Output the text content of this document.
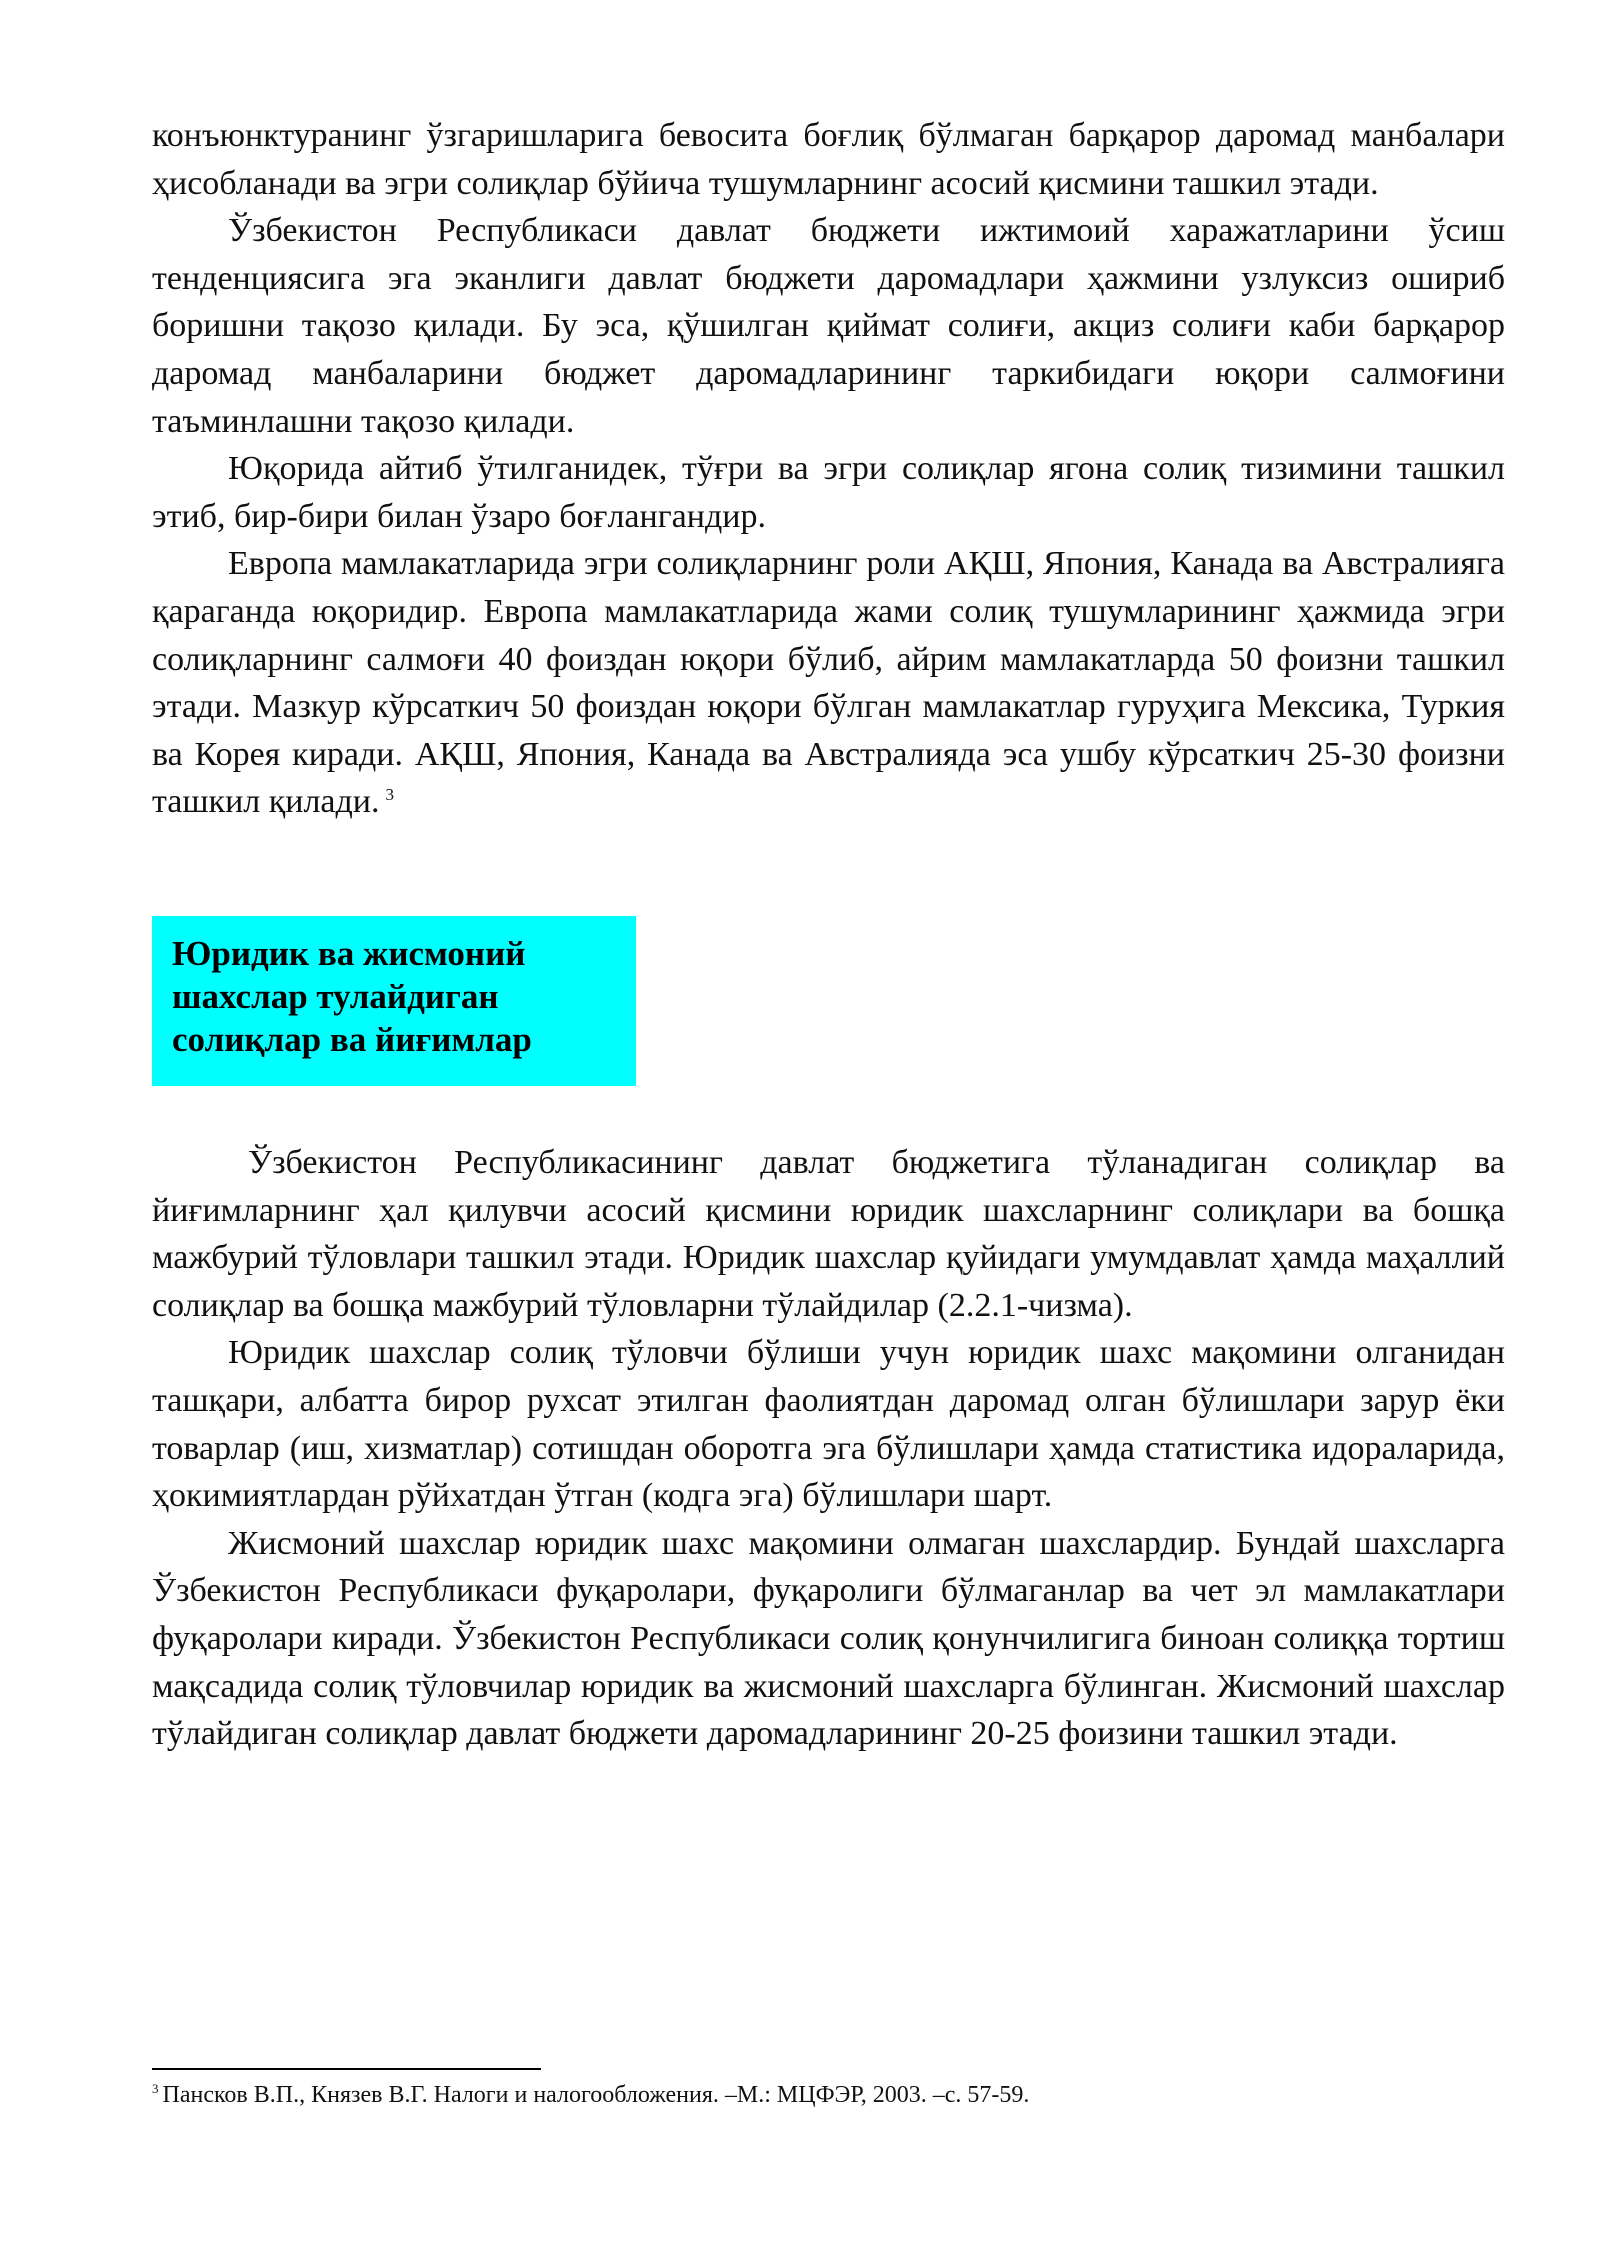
конъюнктуранинг ўзгаришларига бевосита боғлиқ бўлмаган барқарор даромад манбалари ҳисобланади ва эгри солиқлар бўйича тушумларнинг асосий қисмини ташкил этади.

Ўзбекистон Республикаси давлат бюджети ижтимоий харажатларини ўсиш тенденциясига эга эканлиги давлат бюджети даромадлари ҳажмини узлуксиз ошириб боришни тақозо қилади. Бу эса, қўшилган қиймат солиғи, акциз солиғи каби барқарор даромад манбаларини бюджет даромадларининг таркибидаги юқори салмоғини таъминлашни тақозо қилади.

Юқорида айтиб ўтилганидек, тўғри ва эгри солиқлар ягона солиқ тизимини ташкил этиб, бир-бири билан ўзаро боғлангандир.

Европа мамлакатларида эгри солиқларнинг роли АҚШ, Япония, Канада ва Австралияга қараганда юқоридир. Европа мамлакатларида жами солиқ тушумларининг ҳажмида эгри солиқларнинг салмоғи 40 фоиздан юқори бўлиб, айрим мамлакатларда 50 фоизни ташкил этади. Мазкур кўрсаткич 50 фоиздан юқори бўлган мамлакатлар гуруҳига Мексика, Туркия ва Корея киради. АҚШ, Япония, Канада ва Австралияда эса ушбу кўрсаткич 25-30 фоизни ташкил қилади. $^3$

Юридик ва жисмоний

шахслар тулайдиган

солиқлар ва йиғимлар

Ўзбекистон Республикасининг давлат бюджетига тўланадиган солиқлар ва йиғимларнинг ҳал қилувчи асосий қисмини юридик шахсларнинг солиқлари ва бошқа мажбурий тўловлари ташкил этади. Юридик шахслар қуйидаги умумдавлат ҳамда маҳаллий солиқлар ва бошқа мажбурий тўловларни тўлайдилар (2.2.1-чизма).

Юридик шахслар солиқ тўловчи бўлиши учун юридик шахс мақомини олганидан ташқари, албатта бирор рухсат этилган фаолиятдан даромад олган бўлишлари зарур ёки товарлар (иш, хизматлар) сотишдан оборотга эга бўлишлари ҳамда статистика идораларида, ҳокимиятлардан рўйхатдан ўтган (кодга эга) бўлишлари шарт.

Жисмоний шахслар юридик шахс мақомини олмаган шахслардир. Бундай шахсларга Ўзбекистон Республикаси фуқаролари, фуқаролиги бўлмаганлар ва чет эл мамлакатлари фуқаролари киради. Ўзбекистон Республикаси солиқ қонунчилигига биноан солиққа тортиш мақсадида солиқ тўловчилар юридик ва жисмоний шахсларга бўлинган. Жисмоний шахслар тўлайдиган солиқлар давлат бюджети даромадларининг 20-25 фоизини ташкил этади.

$^3$ Пансков В.П., Князев В.Г. Налоги и налогообложения. –М.: МЦФЭР, 2003. –с. 57-59.
